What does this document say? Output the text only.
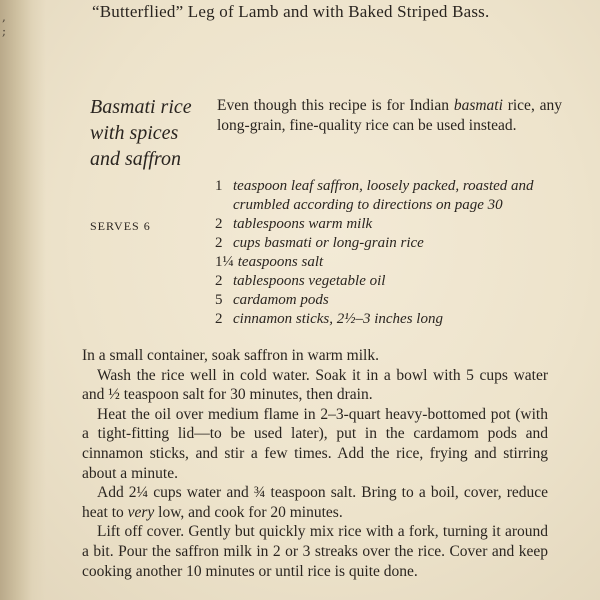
,
;
“Butterflied” Leg of Lamb and with Baked Striped Bass.
Basmati rice with spices and saffron
SERVES 6
Even though this recipe is for Indian basmati rice, any long-grain, fine-quality rice can be used instead.
1 teaspoon leaf saffron, loosely packed, roasted and crumbled according to directions on page 30
2 tablespoons warm milk
2 cups basmati or long-grain rice
1¼ teaspoons salt
2 tablespoons vegetable oil
5 cardamom pods
2 cinnamon sticks, 2½–3 inches long

In a small container, soak saffron in warm milk.

Wash the rice well in cold water. Soak it in a bowl with 5 cups water and ½ teaspoon salt for 30 minutes, then drain.

Heat the oil over medium flame in 2–3-quart heavy-bottomed pot (with a tight-fitting lid—to be used later), put in the cardamom pods and cinnamon sticks, and stir a few times. Add the rice, frying and stirring about a minute.

Add 2¼ cups water and ¾ teaspoon salt. Bring to a boil, cover, reduce heat to very low, and cook for 20 minutes.

Lift off cover. Gently but quickly mix rice with a fork, turning it around a bit. Pour the saffron milk in 2 or 3 streaks over the rice. Cover and keep cooking another 10 minutes or until rice is quite done.
